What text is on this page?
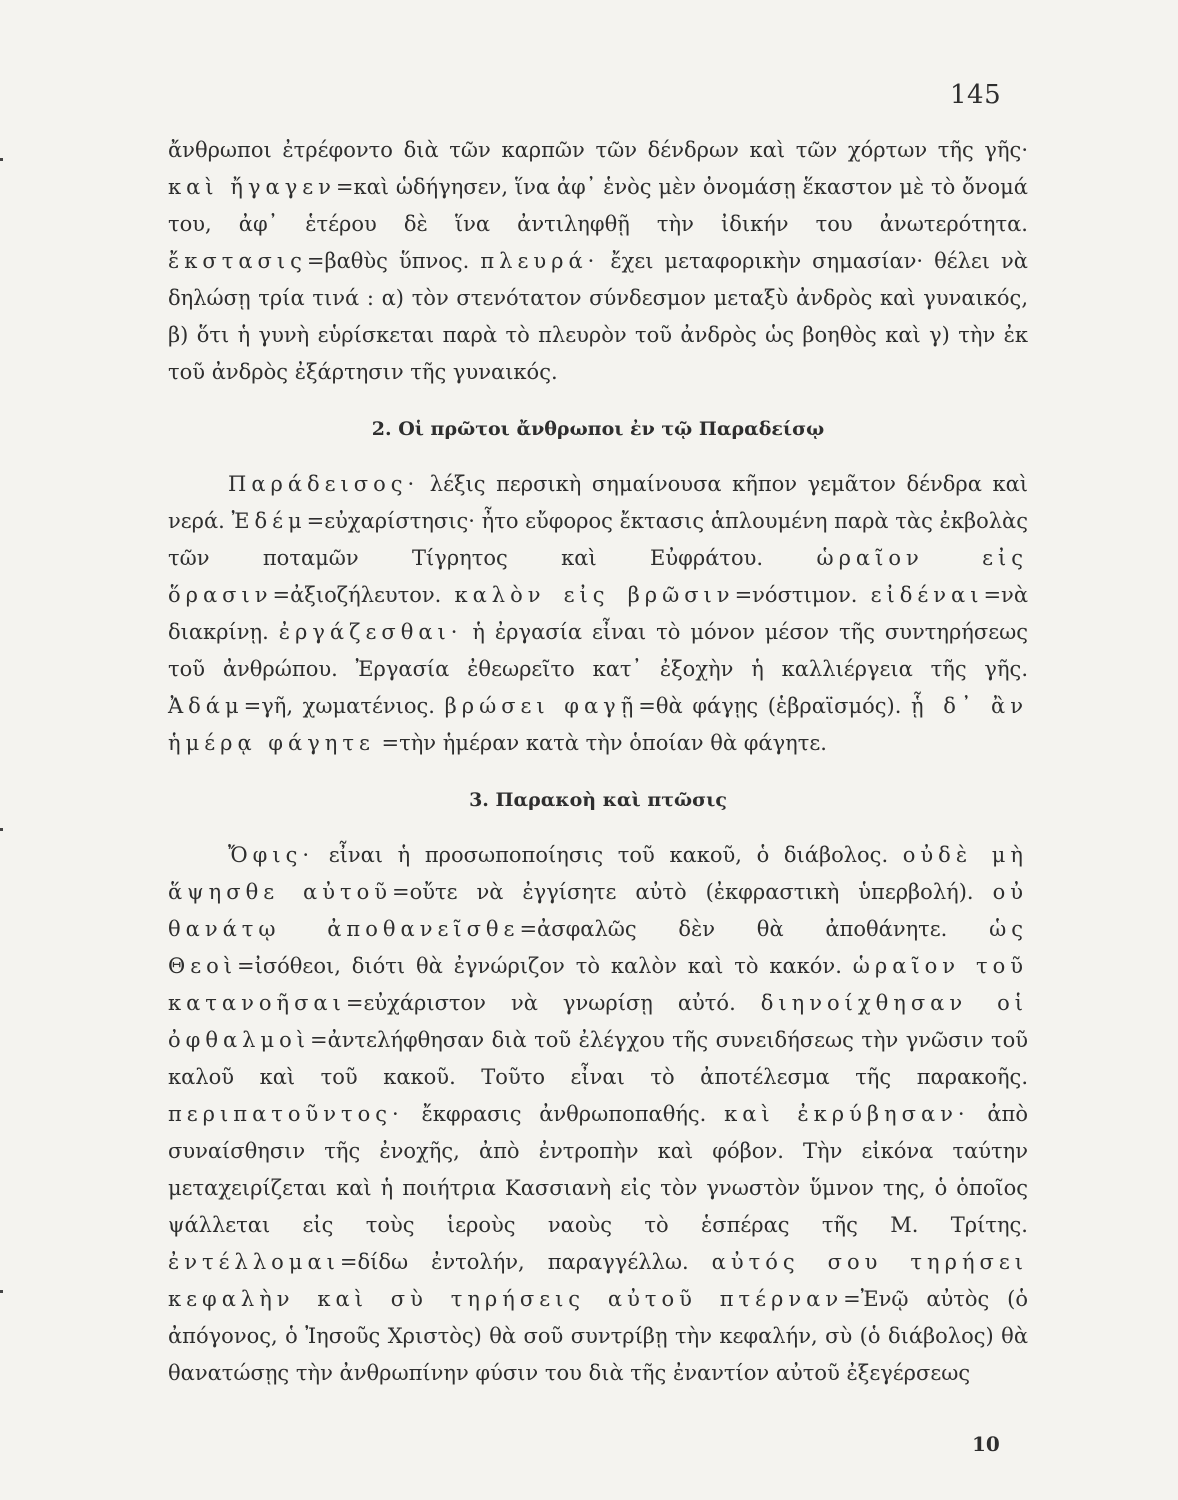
145

ἄνθρωποι ἐτρέφοντο διὰ τῶν καρπῶν τῶν δένδρων καὶ τῶν χόρτων τῆς γῆς· καὶ ἤγαγεν=καὶ ὡδήγησεν, ἵνα ἀφ᾽ ἑνὸς μὲν ὀνομάσῃ ἕκαστον μὲ τὸ ὄνομά του, ἀφ᾽ ἑτέρου δὲ ἵνα ἀντιληφθῇ τὴν ἰδικήν του ἀνωτερότητα. ἔκστασις=βαθὺς ὕπνος. πλευρά· ἔχει μεταφορικὴν σημασίαν· θέλει νὰ δηλώσῃ τρία τινά : α) τὸν στενότατον σύνδεσμον μεταξὺ ἀνδρὸς καὶ γυναικός, β) ὅτι ἡ γυνὴ εὑρίσκεται παρὰ τὸ πλευρὸν τοῦ ἀνδρὸς ὡς βοηθὸς καὶ γ) τὴν ἐκ τοῦ ἀνδρὸς ἐξάρτησιν τῆς γυναικός.

2. Οἱ πρῶτοι ἄνθρωποι ἐν τῷ Παραδείσῳ

Παράδεισος· λέξις περσικὴ σημαίνουσα κῆπον γεμᾶτον δένδρα καὶ νερά. Ἐδέμ=εὐχαρίστησις· ἦτο εὔφορος ἔκτασις ἁπλουμένη παρὰ τὰς ἐκβολὰς τῶν ποταμῶν Τίγρητος καὶ Εὐφράτου.	ὡραῖον εἰς ὅρασιν=ἀξιοζήλευτον. καλὸν εἰς βρῶσιν=νόστιμον. εἰδέναι=νὰ διακρίνῃ. ἐργάζεσθαι· ἡ ἐργασία εἶναι τὸ μόνον μέσον τῆς συντηρήσεως τοῦ ἀνθρώπου. Ἐργασία ἐθεωρεῖτο κατ᾽ ἐξοχὴν ἡ καλλιέργεια τῆς γῆς. Ἀδάμ=γῆ, χωματένιος. βρώσει φαγῇ=θὰ φάγῃς (ἑβραϊσμός). ᾗ δ᾽ ἂν ἡμέρᾳ φάγητε =τὴν ἡμέραν κατὰ τὴν ὁποίαν θὰ φάγητε.

3. Παρακοὴ καὶ πτῶσις

Ὄφις· εἶναι ἡ προσωποποίησις τοῦ κακοῦ, ὁ διάβολος. οὐδὲ μὴ ἅψησθε αὐτοῦ=οὔτε νὰ ἐγγίσητε αὐτὸ (ἐκφραστικὴ ὑπερβολή). οὐ θανάτῳ ἀποθανεῖσθε=ἀσφαλῶς δὲν θὰ ἀποθάνητε. ὡς Θεοὶ=ἰσόθεοι, διότι θὰ ἐγνώριζον τὸ καλὸν καὶ τὸ κακόν. ὡραῖον τοῦ κατανοῆσαι=εὐχάριστον νὰ γνωρίσῃ αὐτό. διηνοίχθησαν οἱ ὀφθαλμοὶ=ἀντελήφθησαν διὰ τοῦ ἐλέγχου τῆς συνειδήσεως τὴν γνῶσιν τοῦ καλοῦ καὶ τοῦ κακοῦ. Τοῦτο εἶναι τὸ ἀποτέλεσμα τῆς παρακοῆς. περιπατοῦντος· ἔκφρασις ἀνθρωποπαθής. καὶ ἐκρύβησαν· ἀπὸ συναίσθησιν τῆς ἐνοχῆς, ἀπὸ ἐντροπὴν καὶ φόβον. Τὴν εἰκόνα ταύτην μεταχειρίζεται καὶ ἡ ποιήτρια Κασσιανὴ εἰς τὸν γνωστὸν ὕμνον της, ὁ ὁποῖος ψάλλεται εἰς τοὺς ἱεροὺς ναοὺς τὸ ἑσπέρας τῆς Μ. Τρίτης. ἐντέλλομαι=δίδω ἐντολήν, παραγγέλλω. αὐτός σου τηρήσει κεφαλὴν καὶ σὺ τηρήσεις αὐτοῦ πτέρναν=Ἐνῷ αὐτὸς (ὁ ἀπόγονος, ὁ Ἰησοῦς Χριστὸς) θὰ σοῦ συντρίβῃ τὴν κεφαλήν, σὺ (ὁ διάβολος) θὰ θανατώσῃς τὴν ἀνθρωπίνην φύσιν του διὰ τῆς ἐναντίον αὐτοῦ ἐξεγέρσεως

10
